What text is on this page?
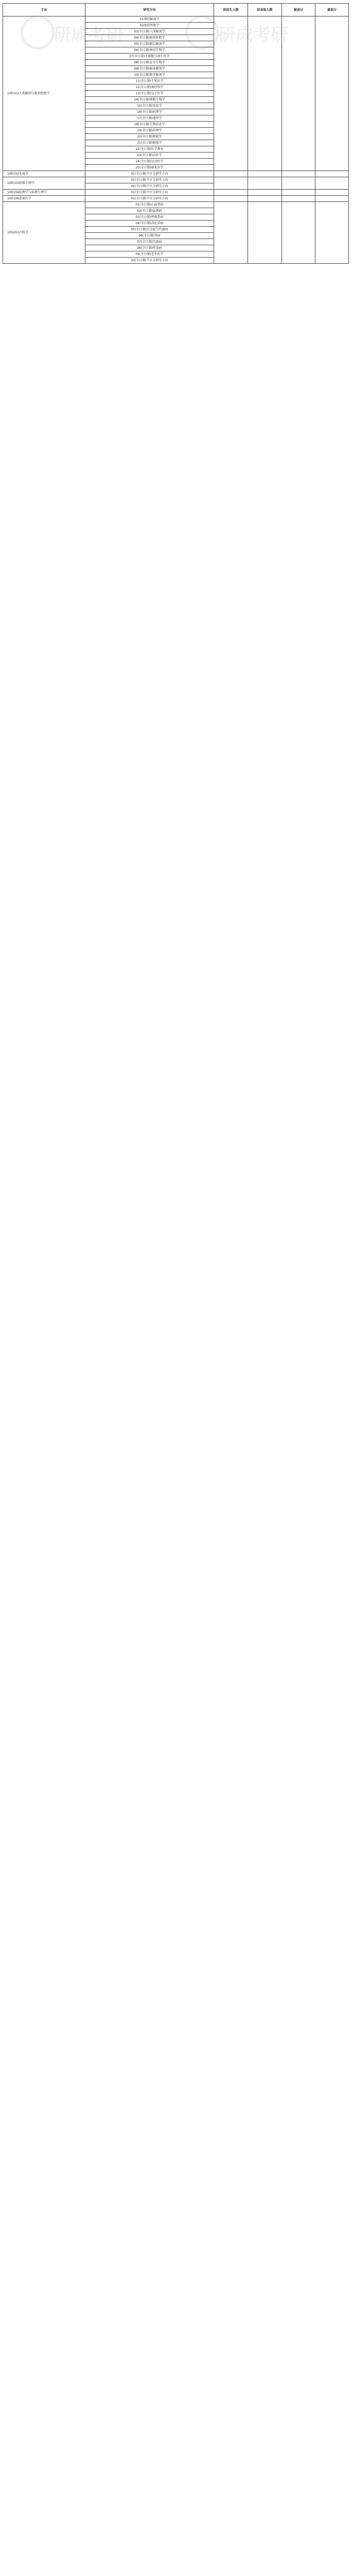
研成考研	研成考研
专业	研究方向	拟招生人数	拟录取人数	最高分	最低分
100101人体解剖与组织胚胎学	01神经解剖学				
	02组织胚胎学				
	03(全日制)人体解剖学				
	04(全日制)组织胚胎学				
	05(全日制)断层解剖学				
	06(全日制)神经生物学				
	07(全日制)干细胞与再生医学				
	08(全日制)发育生物学				
	09(全日制)临床解剖学				
	10(全日制)数字解剖学				
	11(全日制)生殖医学				
	12(全日制)神经科学				
	13(全日制)分子医学				
	14(全日制)细胞生物学				
	15(全日制)免疫学				
	16(全日制)病理学				
	17(全日制)遗传学				
	18(全日制)生物信息学				
	19(全日制)药理学				
	20(全日制)肿瘤学				
	21(全日制)影像学				
	22(全日制)医学教育				
	23(全日制)法医学				
	24(全日制)运动医学				
	25(全日制)康复医学				
100102免疫学	01(全日制)不区分研究方向				
100103病原生物学	01(全日制)不区分研究方向				
	02(全日制)不区分研究方向				
100104病理学与病理生理学	01(全日制)不区分研究方向				
100106放射医学	01(全日制)不区分研究方向				
100201内科学	01(全日制)心血管病				
	02(全日制)血液病				
	03(全日制)呼吸系病				
	04(全日制)消化系病				
	05(全日制)内分泌与代谢病				
	06(全日制)肾病				
	07(全日制)风湿病				
	08(全日制)传染病				
	09(全日制)老年医学				
	10(全日制)不区分研究方向				
